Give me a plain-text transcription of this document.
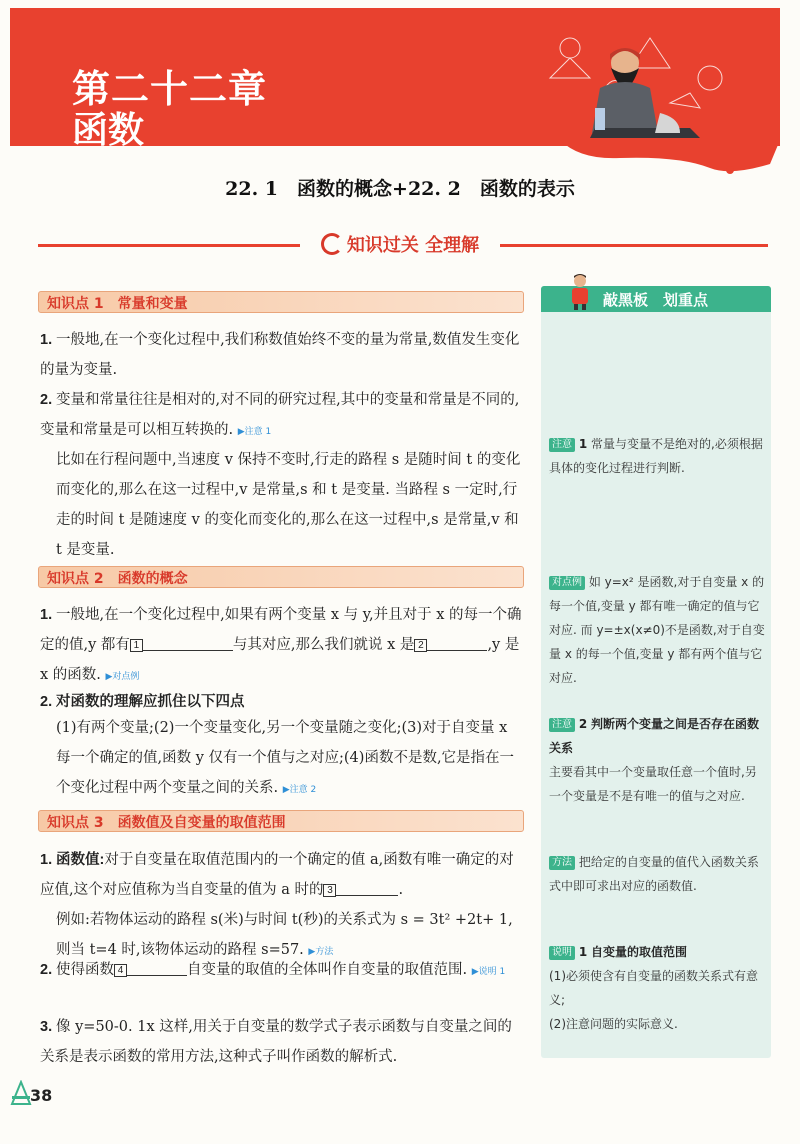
第二十二章
函数
22. 1　函数的概念+22. 2　函数的表示
知识过关 全理解
知识点 1　常量和变量
1. 一般地,在一个变化过程中,我们称数值始终不变的量为常量,数值发生变化的量为变量.
2. 变量和常量往往是相对的,对不同的研究过程,其中的变量和常量是不同的,变量和常量是可以相互转换的. ▶注意 1
比如在行程问题中,当速度 v 保持不变时,行走的路程 s 是随时间 t 的变化而变化的,那么在这一过程中,v 是常量,s 和 t 是变量. 当路程 s 一定时,行走的时间 t 是随速度 v 的变化而变化的,那么在这一过程中,s 是常量,v 和 t 是变量.
知识点 2　函数的概念
1. 一般地,在一个变化过程中,如果有两个变量 x 与 y,并且对于 x 的每一个确定的值,y 都有 1	与其对应,那么我们就说 x 是 2	,y 是 x 的函数. ▶对点例
2. 对函数的理解应抓住以下四点
(1)有两个变量;(2)一个变量变化,另一个变量随之变化;(3)对于自变量 x 每一个确定的值,函数 y 仅有一个值与之对应;(4)函数不是数,它是指在一个变化过程中两个变量之间的关系. ▶注意 2
知识点 3　函数值及自变量的取值范围
1. 函数值:对于自变量在取值范围内的一个确定的值 a,函数有唯一确定的对应值,这个对应值称为当自变量的值为 a 时的 3	.
例如:若物体运动的路程 s(米)与时间 t(秒)的关系式为 s = 3t² +2t+ 1,则当 t=4 时,该物体运动的路程 s=57. ▶方法
2. 使得函数 4	自变量的取值的全体叫作自变量的取值范围. ▶说明 1
3. 像 y=50-0. 1x 这样,用关于自变量的数学式子表示函数与自变量之间的关系是表示函数的常用方法,这种式子叫作函数的解析式.
敲黑板　划重点
注意 1 常量与变量不是绝对的,必须根据具体的变化过程进行判断.
对点例 如 y=x² 是函数,对于自变量 x 的每一个值,变量 y 都有唯一确定的值与它对应. 而 y=±x(x≠0)不是函数,对于自变量 x 的每一个值,变量 y 都有两个值与它对应.
注意 2 判断两个变量之间是否存在函数关系
主要看其中一个变量取任意一个值时,另一个变量是不是有唯一的值与之对应.
方法 把给定的自变量的值代入函数关系式中即可求出对应的函数值.
说明 1 自变量的取值范围
(1)必须使含有自变量的函数关系式有意义;
(2)注意问题的实际意义.
38
